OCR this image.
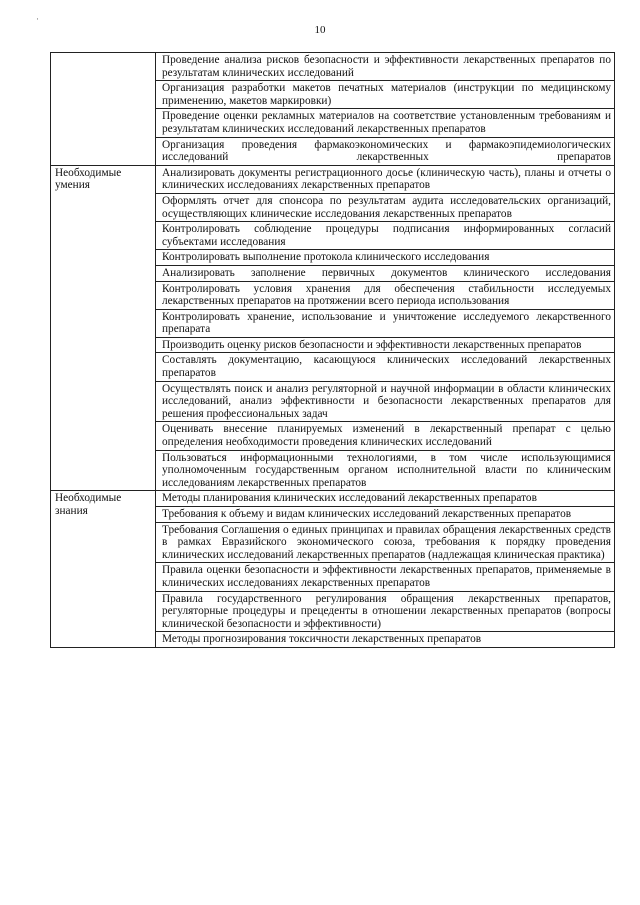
·
10
	Проведение анализа рисков безопасности и эффективности лекарственных препаратов по результатам клинических исследований
	Организация разработки макетов печатных материалов (инструкции по медицинскому применению, макетов маркировки)
	Проведение оценки рекламных материалов на соответствие установленным требованиям и результатам клинических исследований лекарственных препаратов
	Организация проведения фармакоэкономических и фармакоэпидемиологических исследований лекарственных препаратов
Необходимые умения	Анализировать документы регистрационного досье (клиническую часть), планы и отчеты о клинических исследованиях лекарственных препаратов
	Оформлять отчет для спонсора по результатам аудита исследовательских организаций, осуществляющих клинические исследования лекарственных препаратов
	Контролировать соблюдение процедуры подписания информированных согласий субъектами исследования
	Контролировать выполнение протокола клинического исследования
	Анализировать заполнение первичных документов клинического исследования
	Контролировать условия хранения для обеспечения стабильности исследуемых лекарственных препаратов на протяжении всего периода использования
	Контролировать хранение, использование и уничтожение исследуемого лекарственного препарата
	Производить оценку рисков безопасности и эффективности лекарственных препаратов
	Составлять документацию, касающуюся клинических исследований лекарственных препаратов
	Осуществлять поиск и анализ регуляторной и научной информации в области клинических исследований, анализ эффективности и безопасности лекарственных препаратов для решения профессиональных задач
	Оценивать внесение планируемых изменений в лекарственный препарат с целью определения необходимости проведения клинических исследований
	Пользоваться информационными технологиями, в том числе использующимися уполномоченным государственным органом исполнительной власти по клиническим исследованиям лекарственных препаратов
Необходимые знания	Методы планирования клинических исследований лекарственных препаратов
	Требования к объему и видам клинических исследований лекарственных препаратов
	Требования Соглашения о единых принципах и правилах обращения лекарственных средств в рамках Евразийского экономического союза, требования к порядку проведения клинических исследований лекарственных препаратов (надлежащая клиническая практика)
	Правила оценки безопасности и эффективности лекарственных препаратов, применяемые в клинических исследованиях лекарственных препаратов
	Правила государственного регулирования обращения лекарственных препаратов, регуляторные процедуры и прецеденты в отношении лекарственных препаратов (вопросы клинической безопасности и эффективности)
	Методы прогнозирования токсичности лекарственных препаратов
